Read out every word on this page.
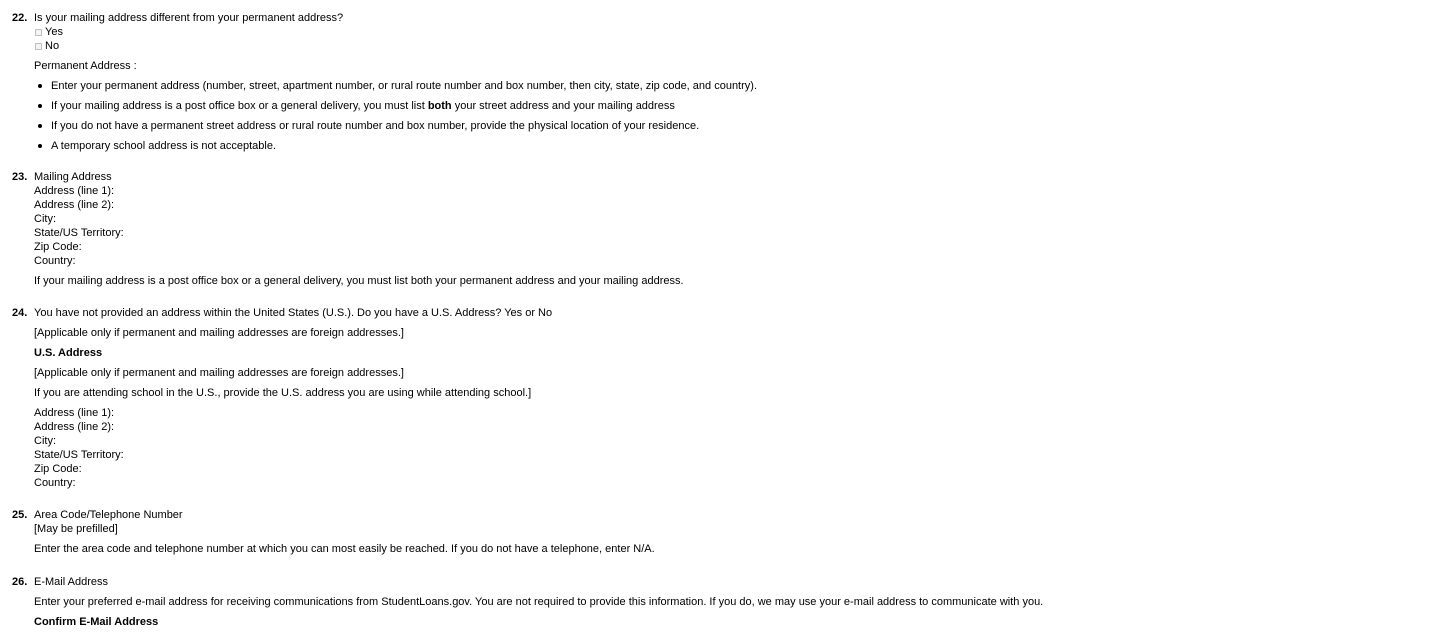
22. Is your mailing address different from your permanent address?
Yes
No
Permanent Address :
Enter your permanent address (number, street, apartment number, or rural route number and box number, then city, state, zip code, and country).
If your mailing address is a post office box or a general delivery, you must list both your street address and your mailing address
If you do not have a permanent street address or rural route number and box number, provide the physical location of your residence.
A temporary school address is not acceptable.
23. Mailing Address
Address (line 1):
Address (line 2):
City:
State/US Territory:
Zip Code:
Country:
If your mailing address is a post office box or a general delivery, you must list both your permanent address and your mailing address.
24. You have not provided an address within the United States (U.S.). Do you have a U.S. Address? Yes or No
[Applicable only if permanent and mailing addresses are foreign addresses.]
U.S. Address
[Applicable only if permanent and mailing addresses are foreign addresses.]
If you are attending school in the U.S., provide the U.S. address you are using while attending school.]
Address (line 1):
Address (line 2):
City:
State/US Territory:
Zip Code:
Country:
25. Area Code/Telephone Number
[May be prefilled]
Enter the area code and telephone number at which you can most easily be reached. If you do not have a telephone, enter N/A.
26. E-Mail Address
Enter your preferred e-mail address for receiving communications from StudentLoans.gov. You are not required to provide this information. If you do, we may use your e-mail address to communicate with you.
Confirm E-Mail Address
